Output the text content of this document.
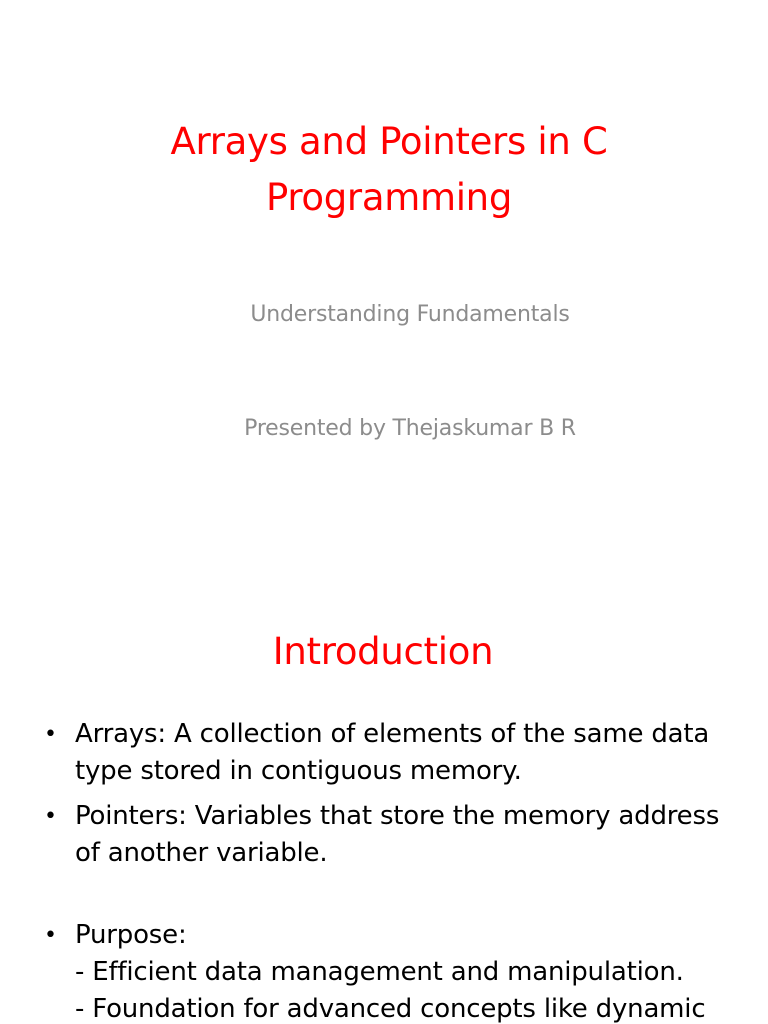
Arrays and Pointers in C
Programming
Understanding Fundamentals
Presented by Thejaskumar B R
Introduction
• Arrays: A collection of elements of the same data
type stored in contiguous memory.
• Pointers: Variables that store the memory address
of another variable.
• Purpose:
- Efficient data management and manipulation.
- Foundation for advanced concepts like dynamic
